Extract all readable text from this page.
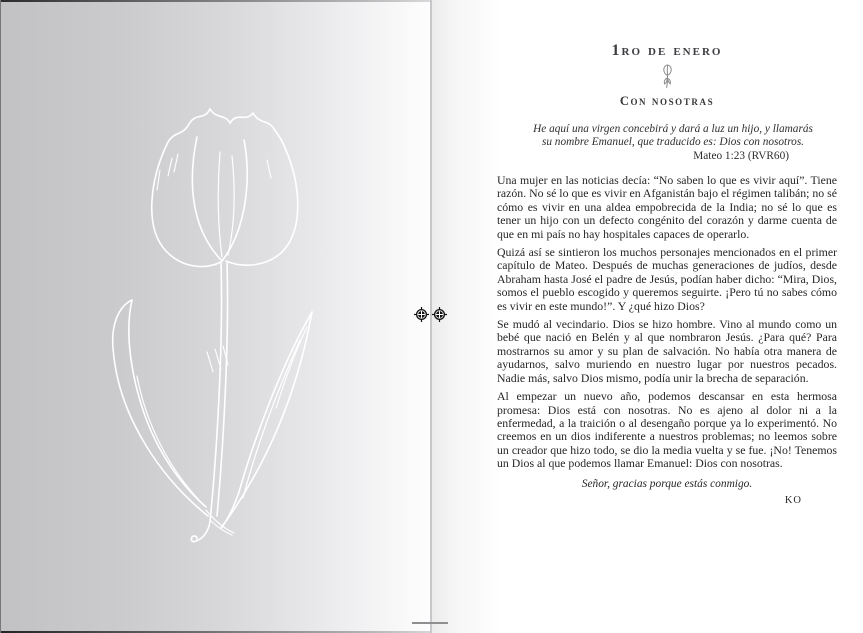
1ro de enero
Con nosotras
He aquí una virgen concebirá y dará a luz un hijo, y llamarás
su nombre Emanuel, que traducido es: Dios con nosotros.
Mateo 1:23 (RVR60)

Una mujer en las noticias decía: “No saben lo que es vivir aquí”. Tiene razón. No sé lo que es vivir en Afganistán bajo el régimen talibán; no sé cómo es vivir en una aldea empobrecida de la India; no sé lo que es tener un hijo con un defecto congénito del corazón y darme cuenta de que en mi país no hay hospitales capaces de operarlo.

Quizá así se sintieron los muchos personajes mencionados en el primer capítulo de Mateo. Después de muchas generaciones de judíos, desde Abraham hasta José el padre de Jesús, podían haber dicho: “Mira, Dios, somos el pueblo escogido y queremos seguirte. ¡Pero tú no sabes cómo es vivir en este mundo!”. Y ¿qué hizo Dios?

Se mudó al vecindario. Dios se hizo hombre. Vino al mundo como un bebé que nació en Belén y al que nombraron Jesús. ¿Para qué? Para mostrarnos su amor y su plan de salvación. No había otra manera de ayudarnos, salvo muriendo en nuestro lugar por nuestros pecados. Nadie más, salvo Dios mismo, podía unir la brecha de separación.

Al empezar un nuevo año, podemos descansar en esta hermosa promesa: Dios está con nosotras. No es ajeno al dolor ni a la enfermedad, a la traición o al desengaño porque ya lo experimentó. No creemos en un dios indiferente a nuestros problemas; no leemos sobre un creador que hizo todo, se dio la media vuelta y se fue. ¡No! Tenemos un Dios al que podemos llamar Emanuel: Dios con nosotras.

Señor, gracias porque estás conmigo.
KO
